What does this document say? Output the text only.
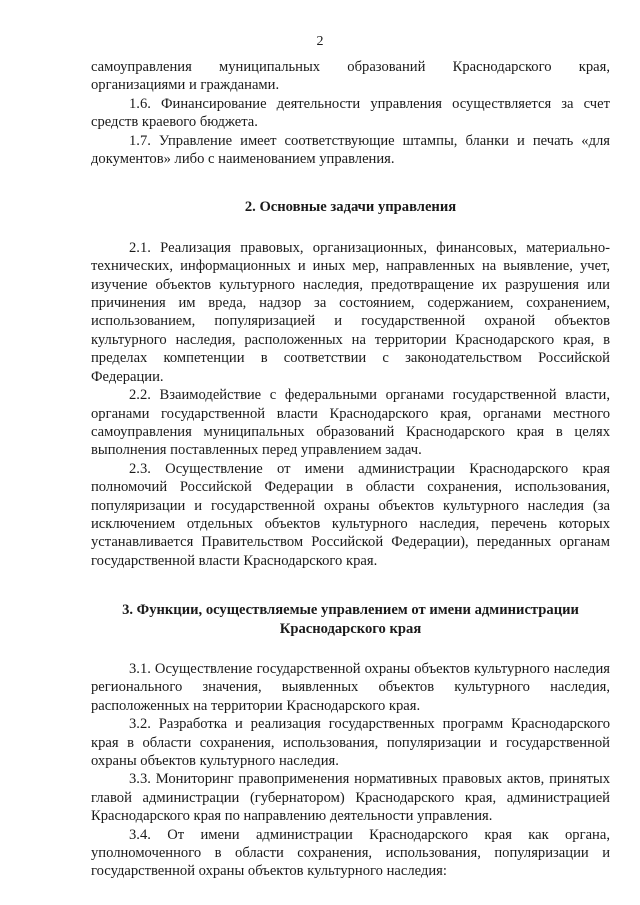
2

самоуправления муниципальных образований Краснодарского края, организациями и гражданами.

1.6. Финансирование деятельности управления осуществляется за счет средств краевого бюджета.

1.7. Управление имеет соответствующие штампы, бланки и печать «для документов» либо с наименованием управления.

2. Основные задачи управления

2.1. Реализация правовых, организационных, финансовых, материально-технических, информационных и иных мер, направленных на выявление, учет, изучение объектов культурного наследия, предотвращение их разрушения или причинения им вреда, надзор за состоянием, содержанием, сохранением, использованием, популяризацией и государственной охраной объектов культурного наследия, расположенных на территории Краснодарского края, в пределах компетенции в соответствии с законодательством Российской Федерации.

2.2. Взаимодействие с федеральными органами государственной власти, органами государственной власти Краснодарского края, органами местного самоуправления муниципальных образований Краснодарского края в целях выполнения поставленных перед управлением задач.

2.3. Осуществление от имени администрации Краснодарского края полномочий Российской Федерации в области сохранения, использования, популяризации и государственной охраны объектов культурного наследия (за исключением отдельных объектов культурного наследия, перечень которых устанавливается Правительством Российской Федерации), переданных органам государственной власти Краснодарского края.

3. Функции, осуществляемые управлением от имени администрации
Краснодарского края

3.1. Осуществление государственной охраны объектов культурного наследия регионального значения, выявленных объектов культурного наследия, расположенных на территории Краснодарского края.

3.2. Разработка и реализация государственных программ Краснодарского края в области сохранения, использования, популяризации и государственной охраны объектов культурного наследия.

3.3. Мониторинг правоприменения нормативных правовых актов, принятых главой администрации (губернатором) Краснодарского края, администрацией Краснодарского края по направлению деятельности управления.

3.4. От имени администрации Краснодарского края как органа, уполномоченного в области сохранения, использования, популяризации и государственной охраны объектов культурного наследия:
